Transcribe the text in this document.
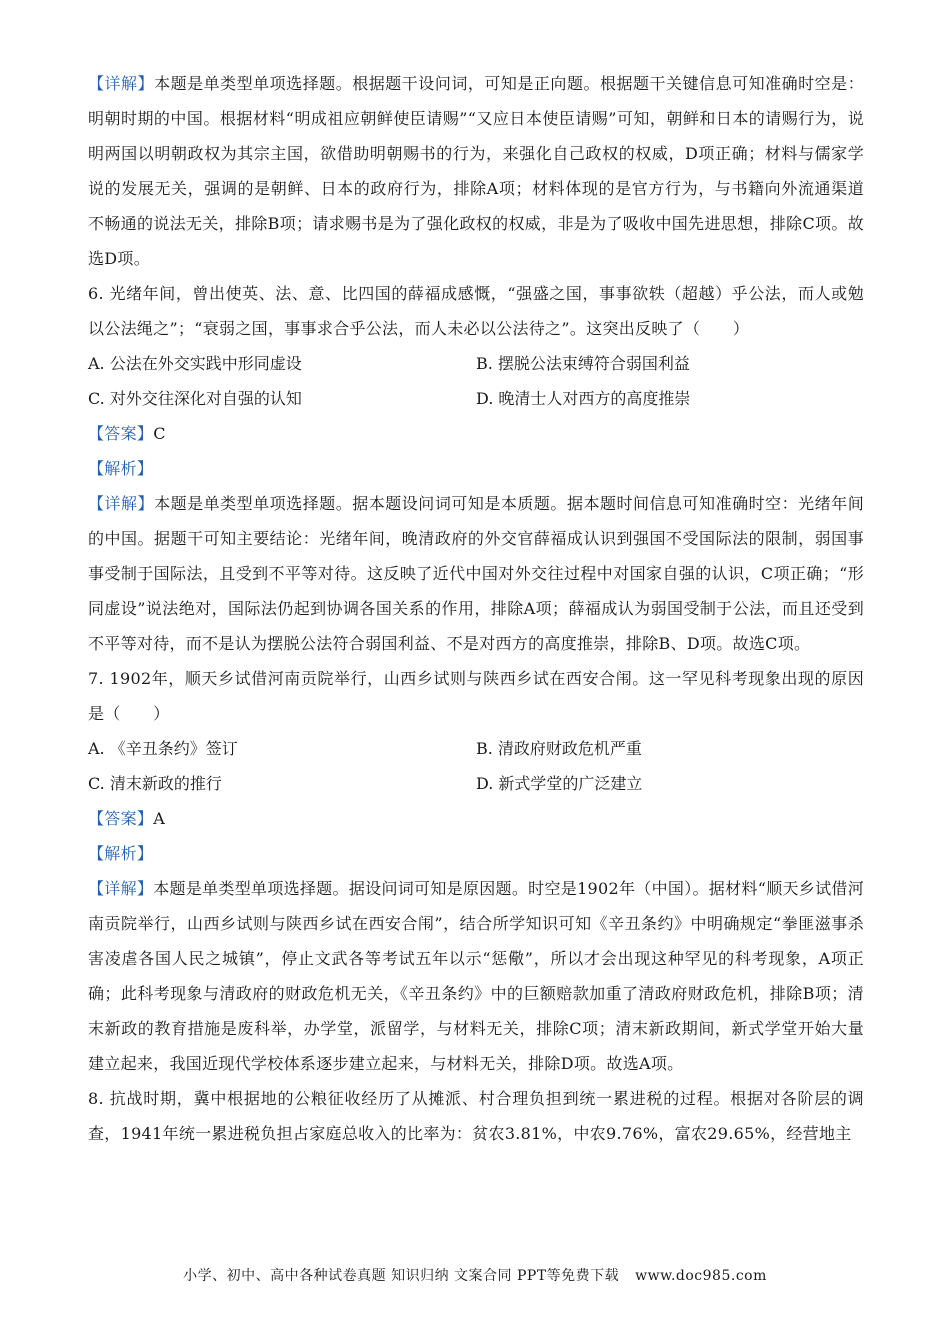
【详解】本题是单类型单项选择题。根据题干设问词，可知是正向题。根据题干关键信息可知准确时空是：明朝时期的中国。根据材料“明成祖应朝鲜使臣请赐”“又应日本使臣请赐”可知，朝鲜和日本的请赐行为，说明两国以明朝政权为其宗主国，欲借助明朝赐书的行为，来强化自己政权的权威，D项正确；材料与儒家学说的发展无关，强调的是朝鲜、日本的政府行为，排除A项；材料体现的是官方行为，与书籍向外流通渠道不畅通的说法无关，排除B项；请求赐书是为了强化政权的权威，非是为了吸收中国先进思想，排除C项。故选D项。

6. 光绪年间，曾出使英、法、意、比四国的薛福成感慨，“强盛之国，事事欲轶（超越）乎公法，而人或勉以公法绳之”；“衰弱之国，事事求合乎公法，而人未必以公法待之”。这突出反映了（　　）

A. 公法在外交实践中形同虚设	B. 摆脱公法束缚符合弱国利益
C. 对外交往深化对自强的认知	D. 晚清士人对西方的高度推崇

【答案】C

【解析】

【详解】本题是单类型单项选择题。据本题设问词可知是本质题。据本题时间信息可知准确时空：光绪年间的中国。据题干可知主要结论：光绪年间，晚清政府的外交官薛福成认识到强国不受国际法的限制，弱国事事受制于国际法，且受到不平等对待。这反映了近代中国对外交往过程中对国家自强的认识，C项正确；“形同虚设”说法绝对，国际法仍起到协调各国关系的作用，排除A项；薛福成认为弱国受制于公法，而且还受到不平等对待，而不是认为摆脱公法符合弱国利益、不是对西方的高度推崇，排除B、D项。故选C项。

7. 1902年，顺天乡试借河南贡院举行，山西乡试则与陕西乡试在西安合闱。这一罕见科考现象出现的原因是（　　）

A. 《辛丑条约》签订	B. 清政府财政危机严重
C. 清末新政的推行	D. 新式学堂的广泛建立

【答案】A

【解析】

【详解】本题是单类型单项选择题。据设问词可知是原因题。时空是1902年（中国）。据材料“顺天乡试借河南贡院举行，山西乡试则与陕西乡试在西安合闱”，结合所学知识可知《辛丑条约》中明确规定“拳匪滋事杀害凌虐各国人民之城镇”，停止文武各等考试五年以示“惩儆”，所以才会出现这种罕见的科考现象，A项正确；此科考现象与清政府的财政危机无关，《辛丑条约》中的巨额赔款加重了清政府财政危机，排除B项；清末新政的教育措施是废科举，办学堂，派留学，与材料无关，排除C项；清末新政期间，新式学堂开始大量建立起来，我国近现代学校体系逐步建立起来，与材料无关，排除D项。故选A项。

8. 抗战时期，冀中根据地的公粮征收经历了从摊派、村合理负担到统一累进税的过程。根据对各阶层的调查，1941年统一累进税负担占家庭总收入的比率为：贫农3.81%，中农9.76%，富农29.65%，经营地主

小学、初中、高中各种试卷真题 知识归纳 文案合同 PPT等免费下载 www.doc985.com
